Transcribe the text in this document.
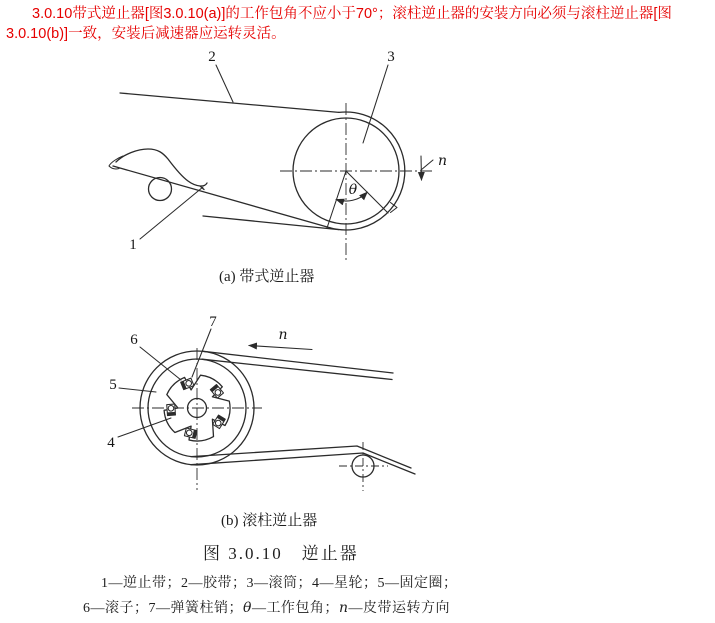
3.0.10带式逆止器[图3.0.10(a)]的工作包角不应小于70°；滚柱逆止器的安装方向必须与滚柱逆止器[图3.0.10(b)]一致，安装后减速器应运转灵活。
θ
n
1
2	3
(a) 带式逆止器
n
6
7
5
4
(b) 滚柱逆止器
图 3.0.10　逆止器
1—逆止带；2—胶带；3—滚筒；4—星轮；5—固定圈；
6—滚子；7—弹簧柱销；θ—工作包角；n—皮带运转方向
